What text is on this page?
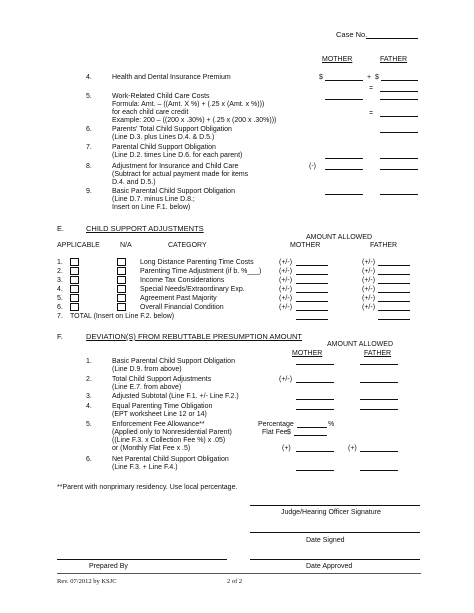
Case No.
MOTHER	FATHER
4.	Health and Dental Insurance Premium	$	+ $
=
5.	Work-Related Child Care Costs
Formula: Amt. – ((Amt. X %) + (.25 x (Amt. x %)))
for each child care credit
Example: 200 – ((200 x .30%) + (.25 x (200 x .30%)))
=
6.	Parents' Total Child Support Obligation
(Line D.3. plus Lines D.4. & D.5.)
7.	Parental Child Support Obligation
(Line D.2. times Line D.6. for each parent)
8.	Adjustment for Insurance and Child Care
(Subtract for actual payment made for items
D.4. and D.5.)
(-)
9.	Basic Parental Child Support Obligation
(Line D.7. minus Line D.8.;
Insert on Line F.1. below)
E.	CHILD SUPPORT ADJUSTMENTS
AMOUNT ALLOWED
APPLICABLE	N/A	CATEGORY	MOTHER	FATHER
1.	Long Distance Parenting Time Costs	(+/-)	(+/-)
2.	Parenting Time Adjustment (if b. %___)	(+/-)	(+/-)
3.	Income Tax Considerations	(+/-)	(+/-)
4.	Special Needs/Extraordinary Exp.	(+/-)	(+/-)
5.	Agreement Past Majority	(+/-)	(+/-)
6.	Overall Financial Condition	(+/-)	(+/-)
7. TOTAL (Insert on Line F.2. below)
F.	DEVIATION(S) FROM REBUTTABLE PRESUMPTION AMOUNT
AMOUNT ALLOWED
MOTHER	FATHER
1.	Basic Parental Child Support Obligation
(Line D.9. from above)
2.	Total Child Support Adjustments
(Line E.7. from above)
(+/-)
3.	Adjusted Subtotal (Line F.1. +/- Line F.2.)
4.	Equal Parenting Time Obligation
(EPT worksheet Line 12 or 14)
5.	Enforcement Fee Allowance**
(Applied only to Nonresidential Parent)
((Line F.3. x Collection Fee %) x .05)
or (Monthly Flat Fee x .5)
Percentage	%
Flat Fee $
(+)	(+)
6.	Net Parental Child Support Obligation
(Line F.3. + Line F.4.)
**Parent with nonprimary residency. Use local percentage.
Judge/Hearing Officer Signature
Date Signed
Prepared By	Date Approved
Rev. 07/2012 by KSJC	2 of 2
